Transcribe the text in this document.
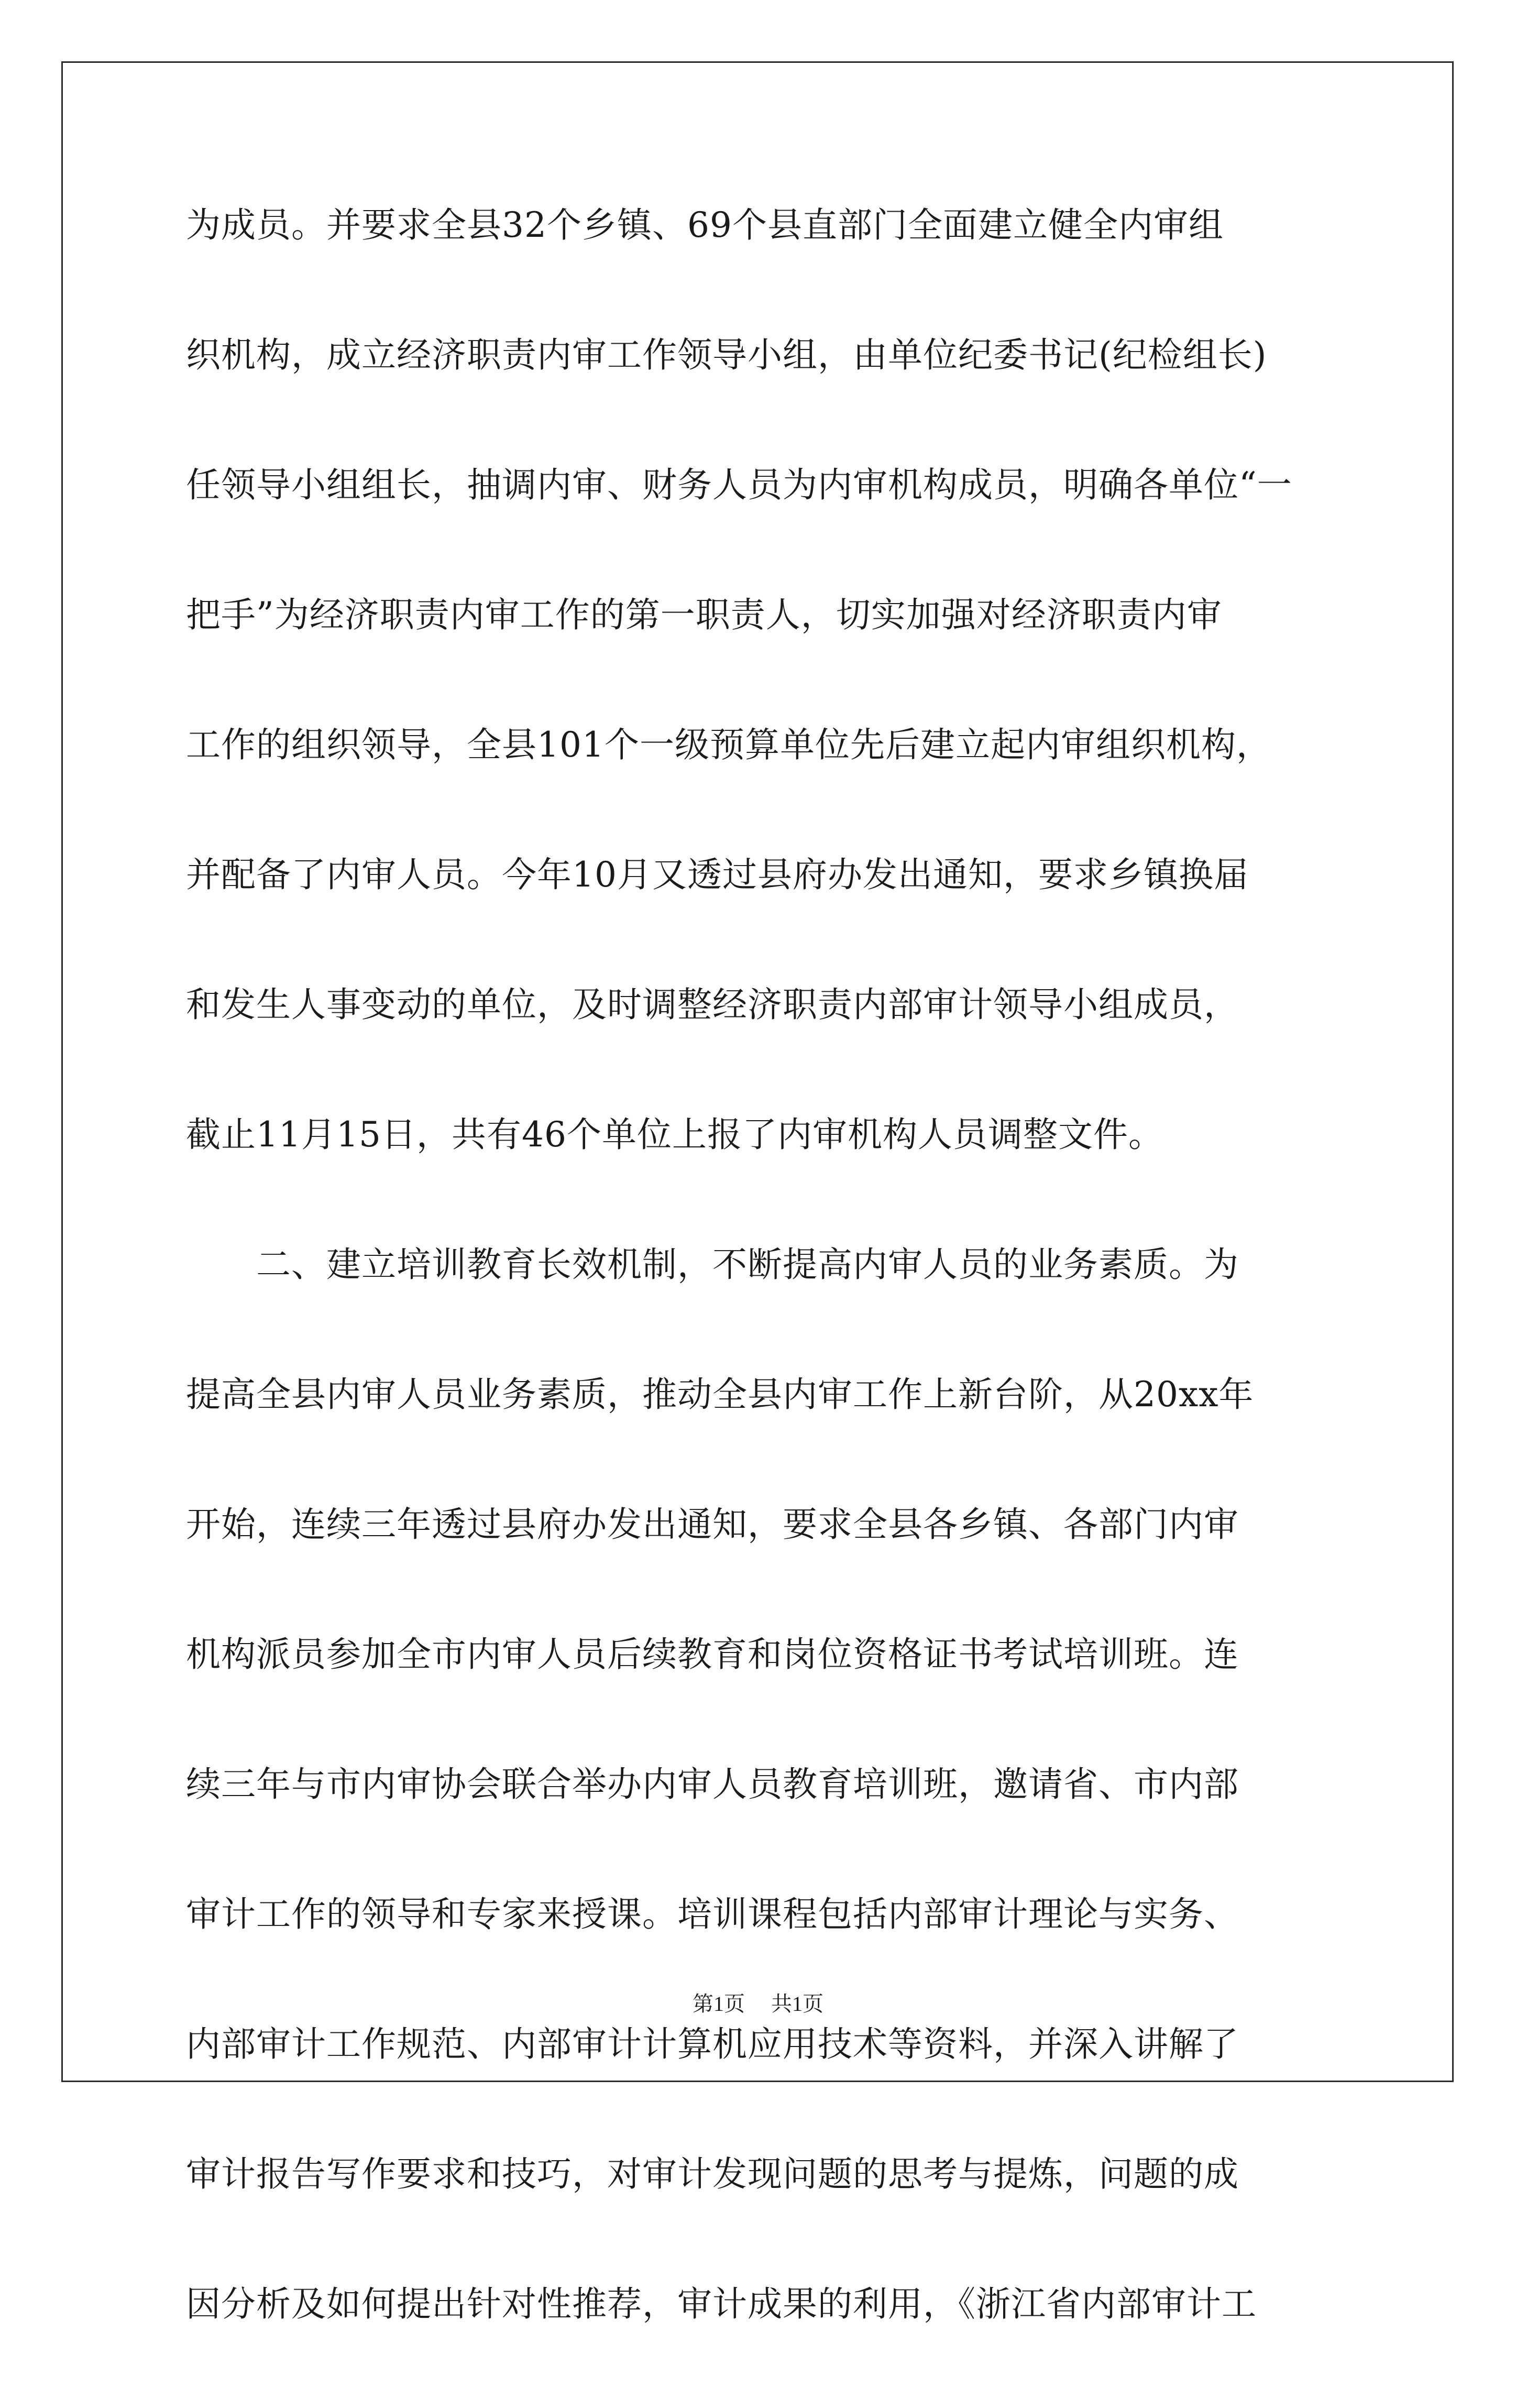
为成员。并要求全县32个乡镇、69个县直部门全面建立健全内审组
织机构，成立经济职责内审工作领导小组，由单位纪委书记(纪检组长)
任领导小组组长，抽调内审、财务人员为内审机构成员，明确各单位“一
把手”为经济职责内审工作的第一职责人，切实加强对经济职责内审
工作的组织领导，全县101个一级预算单位先后建立起内审组织机构，
并配备了内审人员。今年10月又透过县府办发出通知，要求乡镇换届
和发生人事变动的单位，及时调整经济职责内部审计领导小组成员，
截止11月15日，共有46个单位上报了内审机构人员调整文件。
　　二、建立培训教育长效机制，不断提高内审人员的业务素质。为
提高全县内审人员业务素质，推动全县内审工作上新台阶，从20xx年
开始，连续三年透过县府办发出通知，要求全县各乡镇、各部门内审
机构派员参加全市内审人员后续教育和岗位资格证书考试培训班。连
续三年与市内审协会联合举办内审人员教育培训班，邀请省、市内部
审计工作的领导和专家来授课。培训课程包括内部审计理论与实务、
内部审计工作规范、内部审计计算机应用技术等资料，并深入讲解了
审计报告写作要求和技巧，对审计发现问题的思考与提炼，问题的成
因分析及如何提出针对性推荐，审计成果的利用，《浙江省内部审计工
第1页 共1页
